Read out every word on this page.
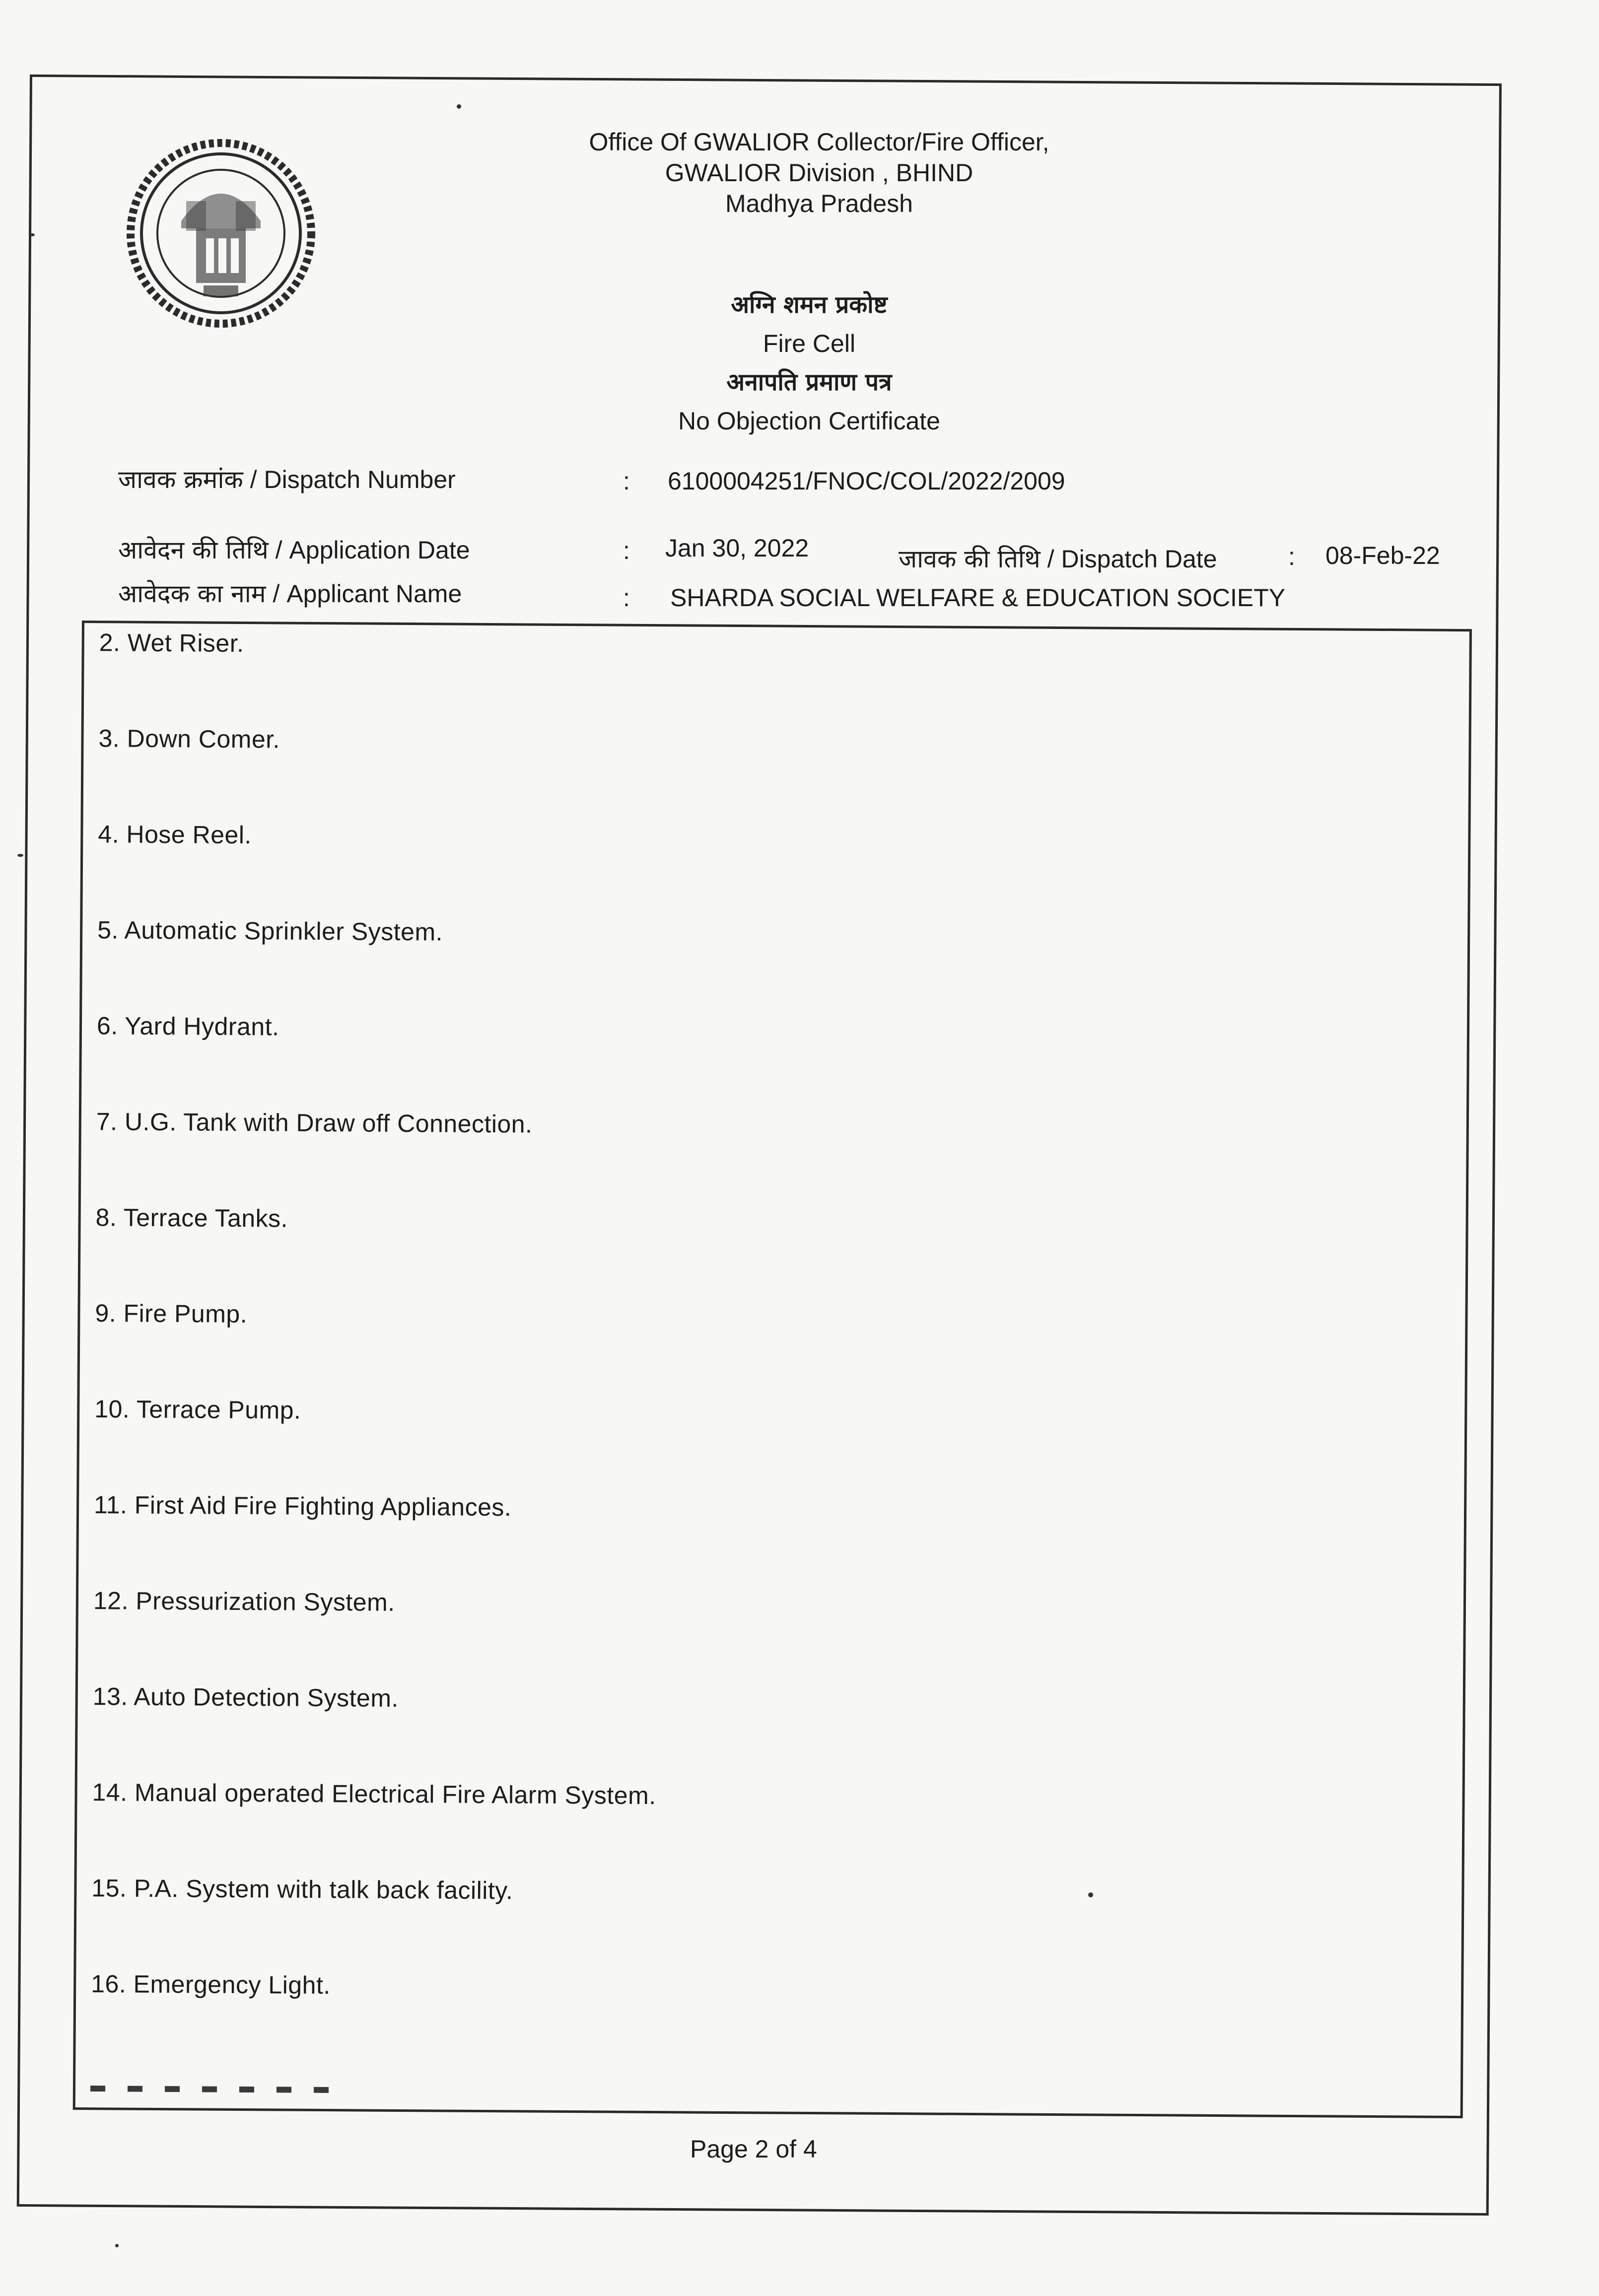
Office Of GWALIOR Collector/Fire Officer,
GWALIOR Division , BHIND
Madhya Pradesh
अग्नि शमन प्रकोष्ट
Fire Cell
अनापति प्रमाण पत्र
No Objection Certificate
जावक क्रमांक / Dispatch Number	: 6100004251/FNOC/COL/2022/2009
आवेदन की तिथि / Application Date	: Jan 30, 2022	जावक की तिथि / Dispatch Date	: 08-Feb-22
आवेदक का नाम / Applicant Name	: SHARDA SOCIAL WELFARE & EDUCATION SOCIETY
2. Wet Riser.
3. Down Comer.
4. Hose Reel.
5. Automatic Sprinkler System.
6. Yard Hydrant.
7. U.G. Tank with Draw off Connection.
8. Terrace Tanks.
9. Fire Pump.
10. Terrace Pump.
11. First Aid Fire Fighting Appliances.
12. Pressurization System.
13. Auto Detection System.
14. Manual operated Electrical Fire Alarm System.
15. P.A. System with talk back facility.
16. Emergency Light.
Page 2 of 4
